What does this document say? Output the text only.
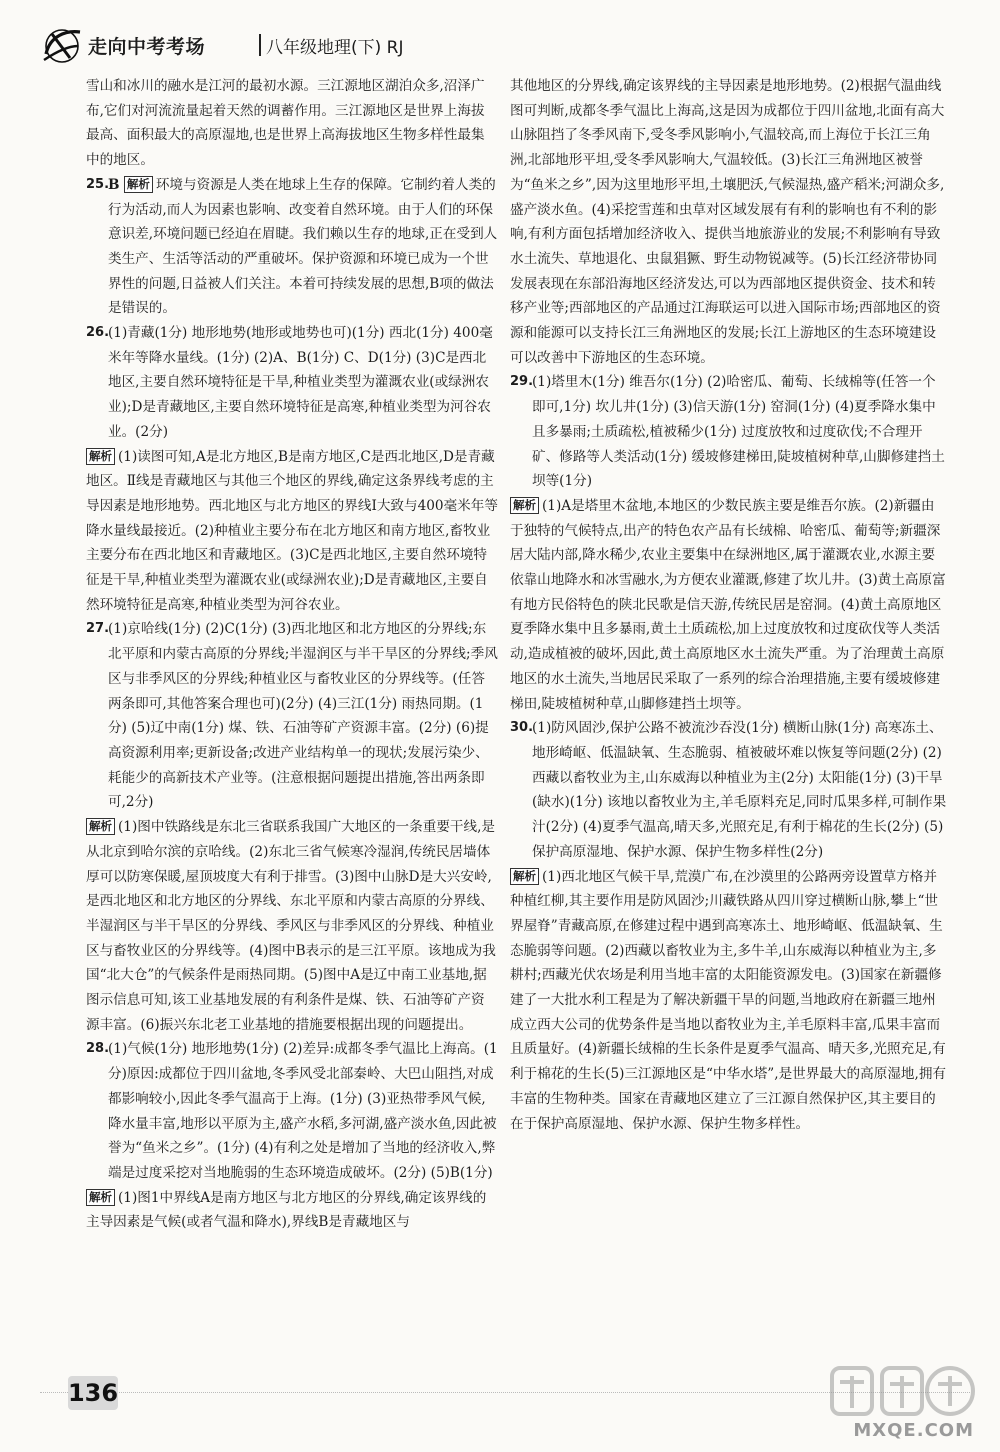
走向中考考场	八年级地理(下) RJ
雪山和冰川的融水是江河的最初水源。三江源地区湖泊众多,沼泽广布,它们对河流流量起着天然的调蓄作用。三江源地区是世界上海拔最高、面积最大的高原湿地,也是世界上高海拔地区生物多样性最集中的地区。
25.
B 解析 环境与资源是人类在地球上生存的保障。它制约着人类的行为活动,而人为因素也影响、改变着自然环境。由于人们的环保意识差,环境问题已经迫在眉睫。我们赖以生存的地球,正在受到人类生产、生活等活动的严重破坏。保护资源和环境已成为一个世界性的问题,日益被人们关注。本着可持续发展的思想,B项的做法是错误的。
26.
(1)青藏(1分) 地形地势(地形或地势也可)(1分) 西北(1分) 400毫米年等降水量线。(1分) (2)A、B(1分) C、D(1分) (3)C是西北地区,主要自然环境特征是干旱,种植业类型为灌溉农业(或绿洲农业);D是青藏地区,主要自然环境特征是高寒,种植业类型为河谷农业。(2分)
解析 (1)读图可知,A是北方地区,B是南方地区,C是西北地区,D是青藏地区。Ⅱ线是青藏地区与其他三个地区的界线,确定这条界线考虑的主导因素是地形地势。西北地区与北方地区的界线Ⅰ大致与400毫米年等降水量线最接近。(2)种植业主要分布在北方地区和南方地区,畜牧业主要分布在西北地区和青藏地区。(3)C是西北地区,主要自然环境特征是干旱,种植业类型为灌溉农业(或绿洲农业);D是青藏地区,主要自然环境特征是高寒,种植业类型为河谷农业。
27.
(1)京哈线(1分) (2)C(1分) (3)西北地区和北方地区的分界线;东北平原和内蒙古高原的分界线;半湿润区与半干旱区的分界线;季风区与非季风区的分界线;种植业区与畜牧业区的分界线等。(任答两条即可,其他答案合理也可)(2分) (4)三江(1分) 雨热同期。(1分) (5)辽中南(1分) 煤、铁、石油等矿产资源丰富。(2分) (6)提高资源利用率;更新设备;改进产业结构单一的现状;发展污染少、耗能少的高新技术产业等。(注意根据问题提出措施,答出两条即可,2分)
解析 (1)图中铁路线是东北三省联系我国广大地区的一条重要干线,是从北京到哈尔滨的京哈线。(2)东北三省气候寒冷湿润,传统民居墙体厚可以防寒保暖,屋顶坡度大有利于排雪。(3)图中山脉D是大兴安岭,是西北地区和北方地区的分界线、东北平原和内蒙古高原的分界线、半湿润区与半干旱区的分界线、季风区与非季风区的分界线、种植业区与畜牧业区的分界线等。(4)图中B表示的是三江平原。该地成为我国“北大仓”的气候条件是雨热同期。(5)图中A是辽中南工业基地,据图示信息可知,该工业基地发展的有利条件是煤、铁、石油等矿产资源丰富。(6)振兴东北老工业基地的措施要根据出现的问题提出。
28.
(1)气候(1分) 地形地势(1分) (2)差异:成都冬季气温比上海高。(1分)原因:成都位于四川盆地,冬季风受北部秦岭、大巴山阻挡,对成都影响较小,因此冬季气温高于上海。(1分) (3)亚热带季风气候,降水量丰富,地形以平原为主,盛产水稻,多河湖,盛产淡水鱼,因此被誉为“鱼米之乡”。(1分) (4)有利之处是增加了当地的经济收入,弊端是过度采挖对当地脆弱的生态环境造成破坏。(2分) (5)B(1分)
解析 (1)图1中界线A是南方地区与北方地区的分界线,确定该界线的主导因素是气候(或者气温和降水),界线B是青藏地区与
其他地区的分界线,确定该界线的主导因素是地形地势。(2)根据气温曲线图可判断,成都冬季气温比上海高,这是因为成都位于四川盆地,北面有高大山脉阻挡了冬季风南下,受冬季风影响小,气温较高,而上海位于长江三角洲,北部地形平坦,受冬季风影响大,气温较低。(3)长江三角洲地区被誉为“鱼米之乡”,因为这里地形平坦,土壤肥沃,气候湿热,盛产稻米;河湖众多,盛产淡水鱼。(4)采挖雪莲和虫草对区域发展有有利的影响也有不利的影响,有利方面包括增加经济收入、提供当地旅游业的发展;不利影响有导致水土流失、草地退化、虫鼠猖獗、野生动物锐减等。(5)长江经济带协同发展表现在东部沿海地区经济发达,可以为西部地区提供资金、技术和转移产业等;西部地区的产品通过江海联运可以进入国际市场;西部地区的资源和能源可以支持长江三角洲地区的发展;长江上游地区的生态环境建设可以改善中下游地区的生态环境。
29.
(1)塔里木(1分) 维吾尔(1分) (2)哈密瓜、葡萄、长绒棉等(任答一个即可,1分) 坎儿井(1分) (3)信天游(1分) 窑洞(1分) (4)夏季降水集中且多暴雨;土质疏松,植被稀少(1分) 过度放牧和过度砍伐;不合理开矿、修路等人类活动(1分) 缓坡修建梯田,陡坡植树种草,山脚修建挡土坝等(1分)
解析 (1)A是塔里木盆地,本地区的少数民族主要是维吾尔族。(2)新疆由于独特的气候特点,出产的特色农产品有长绒棉、哈密瓜、葡萄等;新疆深居大陆内部,降水稀少,农业主要集中在绿洲地区,属于灌溉农业,水源主要依靠山地降水和冰雪融水,为方便农业灌溉,修建了坎儿井。(3)黄土高原富有地方民俗特色的陕北民歌是信天游,传统民居是窑洞。(4)黄土高原地区夏季降水集中且多暴雨,黄土土质疏松,加上过度放牧和过度砍伐等人类活动,造成植被的破坏,因此,黄土高原地区水土流失严重。为了治理黄土高原地区的水土流失,当地居民采取了一系列的综合治理措施,主要有缓坡修建梯田,陡坡植树种草,山脚修建挡土坝等。
30.
(1)防风固沙,保护公路不被流沙吞没(1分) 横断山脉(1分) 高寒冻土、地形崎岖、低温缺氧、生态脆弱、植被破坏难以恢复等问题(2分) (2)西藏以畜牧业为主,山东威海以种植业为主(2分) 太阳能(1分) (3)干旱(缺水)(1分) 该地以畜牧业为主,羊毛原料充足,同时瓜果多样,可制作果汁(2分) (4)夏季气温高,晴天多,光照充足,有利于棉花的生长(2分) (5)保护高原湿地、保护水源、保护生物多样性(2分)
解析 (1)西北地区气候干旱,荒漠广布,在沙漠里的公路两旁设置草方格并种植红柳,其主要作用是防风固沙;川藏铁路从四川穿过横断山脉,攀上“世界屋脊”青藏高原,在修建过程中遇到高寒冻土、地形崎岖、低温缺氧、生态脆弱等问题。(2)西藏以畜牧业为主,多牛羊,山东威海以种植业为主,多耕村;西藏光伏农场是利用当地丰富的太阳能资源发电。(3)国家在新疆修建了一大批水利工程是为了解决新疆干旱的问题,当地政府在新疆三地州成立西大公司的优势条件是当地以畜牧业为主,羊毛原料丰富,瓜果丰富而且质量好。(4)新疆长绒棉的生长条件是夏季气温高、晴天多,光照充足,有利于棉花的生长(5)三江源地区是“中华水塔”,是世界最大的高原湿地,拥有丰富的生物种类。国家在青藏地区建立了三江源自然保护区,其主要目的在于保护高原湿地、保护水源、保护生物多样性。
136
MXQE.COM
